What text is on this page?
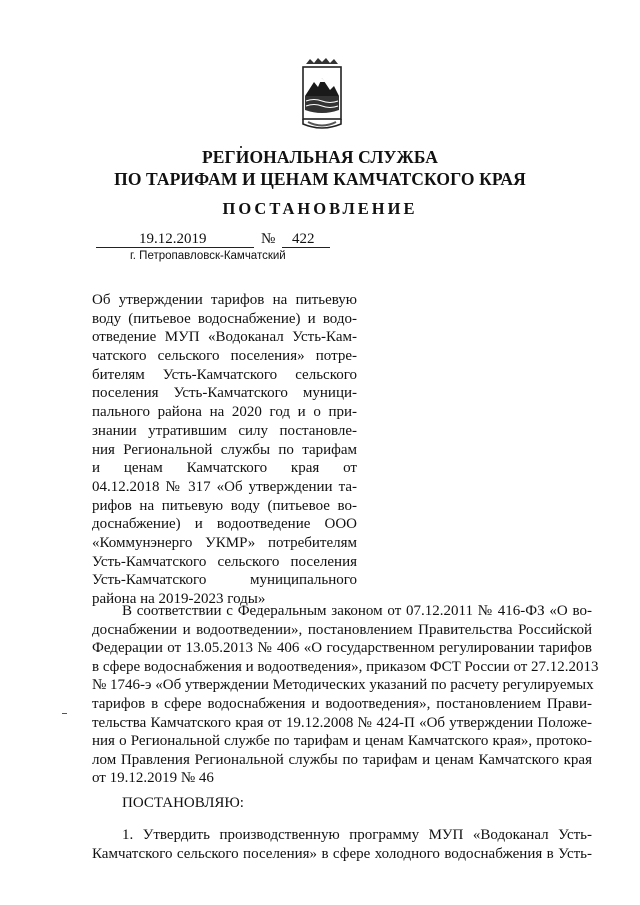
РЕГИОНАЛЬНАЯ СЛУЖБА
ПО ТАРИФАМ И ЦЕНАМ КАМЧАТСКОГО КРАЯ
ПОСТАНОВЛЕНИЕ
19.12.2019	№ 422
г. Петропавловск-Камчатский
Об утверждении тарифов на питьевую
воду (питьевое водоснабжение) и водо-
отведение МУП «Водоканал Усть-Кам-
чатского сельского поселения» потре-
бителям Усть-Камчатского сельского
поселения Усть-Камчатского муници-
пального района на 2020 год и о при-
знании утратившим силу постановле-
ния Региональной службы по тарифам
и ценам Камчатского края от
04.12.2018 № 317 «Об утверждении та-
рифов на питьевую воду (питьевое во-
доснабжение) и водоотведение ООО
«Коммунэнерго УКМР» потребителям
Усть-Камчатского сельского поселения
Усть-Камчатского муниципального
района на 2019-2023 годы»
В соответствии с Федеральным законом от 07.12.2011 № 416-ФЗ «О во-
доснабжении и водоотведении», постановлением Правительства Российской
Федерации от 13.05.2013 № 406 «О государственном регулировании тарифов
в сфере водоснабжения и водоотведения», приказом ФСТ России от 27.12.2013
№ 1746-э «Об утверждении Методических указаний по расчету регулируемых
тарифов в сфере водоснабжения и водоотведения», постановлением Прави-
тельства Камчатского края от 19.12.2008 № 424-П «Об утверждении Положе-
ния о Региональной службе по тарифам и ценам Камчатского края», протоко-
лом Правления Региональной службы по тарифам и ценам Камчатского края
от 19.12.2019 № 46
ПОСТАНОВЛЯЮ:
1. Утвердить производственную программу МУП «Водоканал Усть-
Камчатского сельского поселения» в сфере холодного водоснабжения в Усть-
